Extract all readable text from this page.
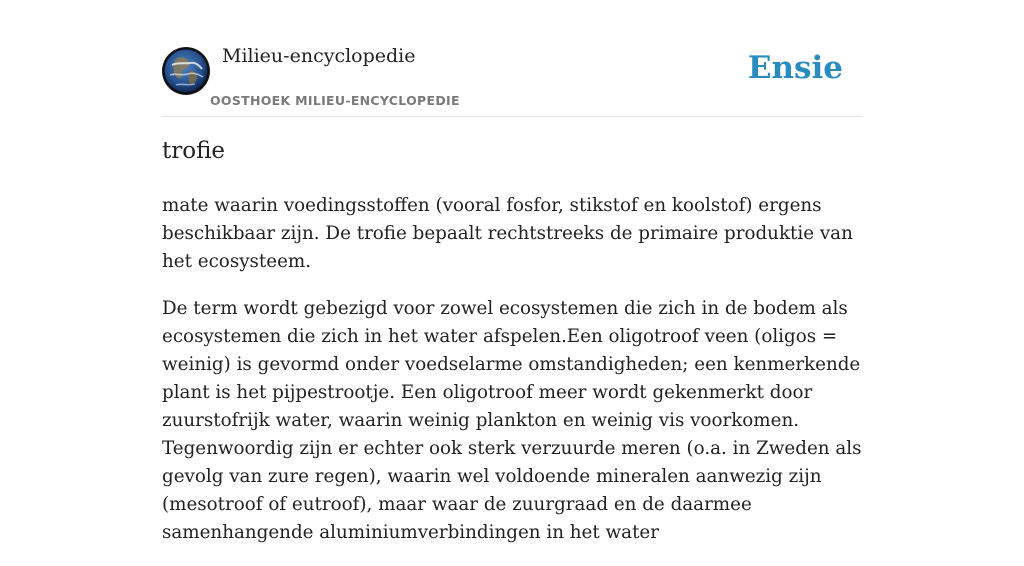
Milieu-encyclopedie
OOSTHOEK MILIEU-ENCYCLOPEDIE
Ensie
trofie

mate waarin voedingsstoffen (vooral fosfor, stikstof en koolstof) ergens beschikbaar zijn. De trofie bepaalt rechtstreeks de primaire produktie van het ecosysteem.

De term wordt gebezigd voor zowel ecosystemen die zich in de bodem als ecosystemen die zich in het water afspelen.Een oligotroof veen (oligos = weinig) is gevormd onder voedselarme omstandigheden; een kenmerkende plant is het pijpestrootje. Een oligotroof meer wordt gekenmerkt door zuurstofrijk water, waarin weinig plankton en weinig vis voorkomen. Tegenwoordig zijn er echter ook sterk verzuurde meren (o.a. in Zweden als gevolg van zure regen), waarin wel voldoende mineralen aanwezig zijn (mesotroof of eutroof), maar waar de zuurgraad en de daarmee samenhangende aluminiumverbindingen in het water
